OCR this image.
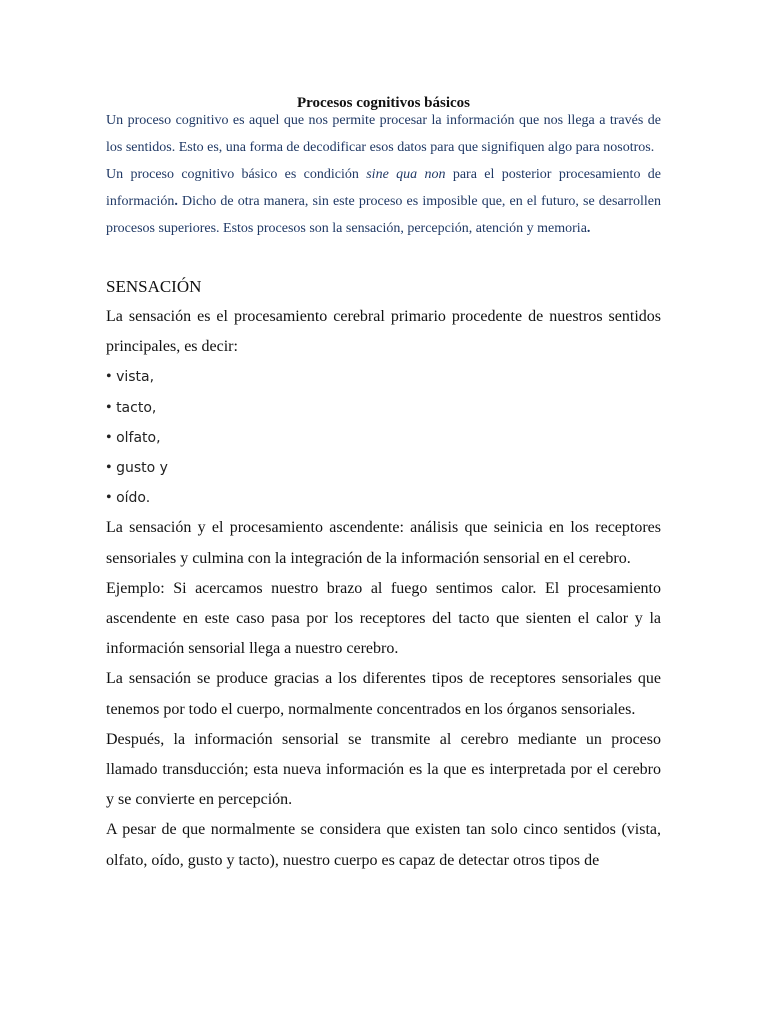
Procesos cognitivos básicos

Un proceso cognitivo es aquel que nos permite procesar la información que nos llega a través de los sentidos. Esto es, una forma de decodificar esos datos para que signifiquen algo para nosotros.

Un proceso cognitivo básico es condición sine qua non para el posterior procesamiento de información. Dicho de otra manera, sin este proceso es imposible que, en el futuro, se desarrollen procesos superiores. Estos procesos son la sensación, percepción, atención y memoria.

SENSACIÓN

La sensación es el procesamiento cerebral primario procedente de nuestros sentidos principales, es decir:

• vista,
• tacto,
• olfato,
• gusto y
• oído.

La sensación y el procesamiento ascendente: análisis que seinicia en los receptores sensoriales y culmina con la integración de la información sensorial en el cerebro.

Ejemplo: Si acercamos nuestro brazo al fuego sentimos calor. El procesamiento ascendente en este caso pasa por los receptores del tacto que sienten el calor y la información sensorial llega a nuestro cerebro.

La sensación se produce gracias a los diferentes tipos de receptores sensoriales que tenemos por todo el cuerpo, normalmente concentrados en los órganos sensoriales.

Después, la información sensorial se transmite al cerebro mediante un proceso llamado transducción; esta nueva información es la que es interpretada por el cerebro y se convierte en percepción.

A pesar de que normalmente se considera que existen tan solo cinco sentidos (vista, olfato, oído, gusto y tacto), nuestro cuerpo es capaz de detectar otros tipos de
